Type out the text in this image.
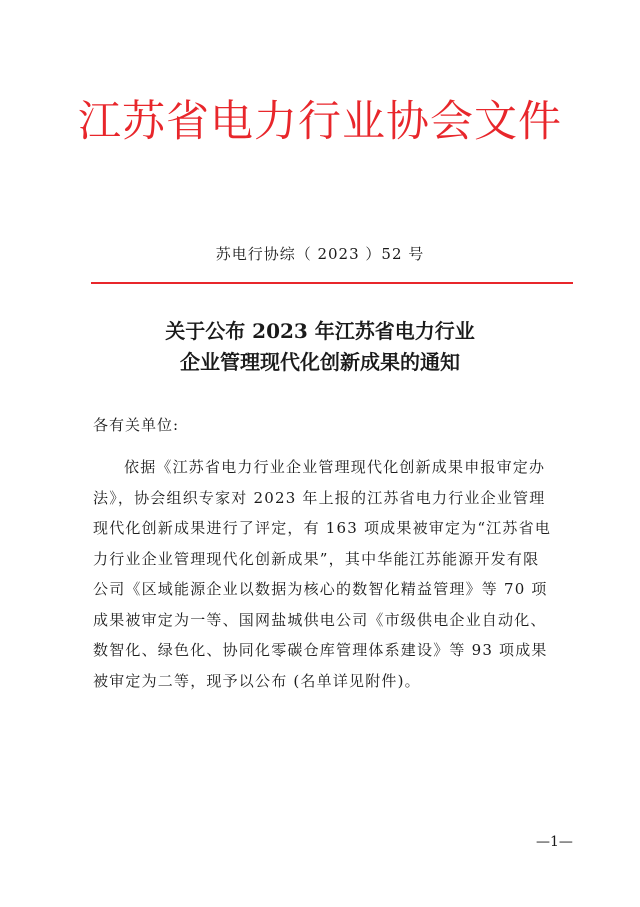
江苏省电力行业协会文件
苏电行协综（ 2023 ）52 号
关于公布 2023 年江苏省电力行业
企业管理现代化创新成果的通知
各有关单位:
依据《江苏省电力行业企业管理现代化创新成果申报审定办
法》，协会组织专家对 2023 年上报的江苏省电力行业企业管理
现代化创新成果进行了评定，有 163 项成果被审定为“江苏省电
力行业企业管理现代化创新成果”，其中华能江苏能源开发有限
公司《区域能源企业以数据为核心的数智化精益管理》等 70 项
成果被审定为一等、国网盐城供电公司《市级供电企业自动化、
数智化、绿色化、协同化零碳仓库管理体系建设》等 93 项成果
被审定为二等，现予以公布 (名单详见附件)。
—1—
